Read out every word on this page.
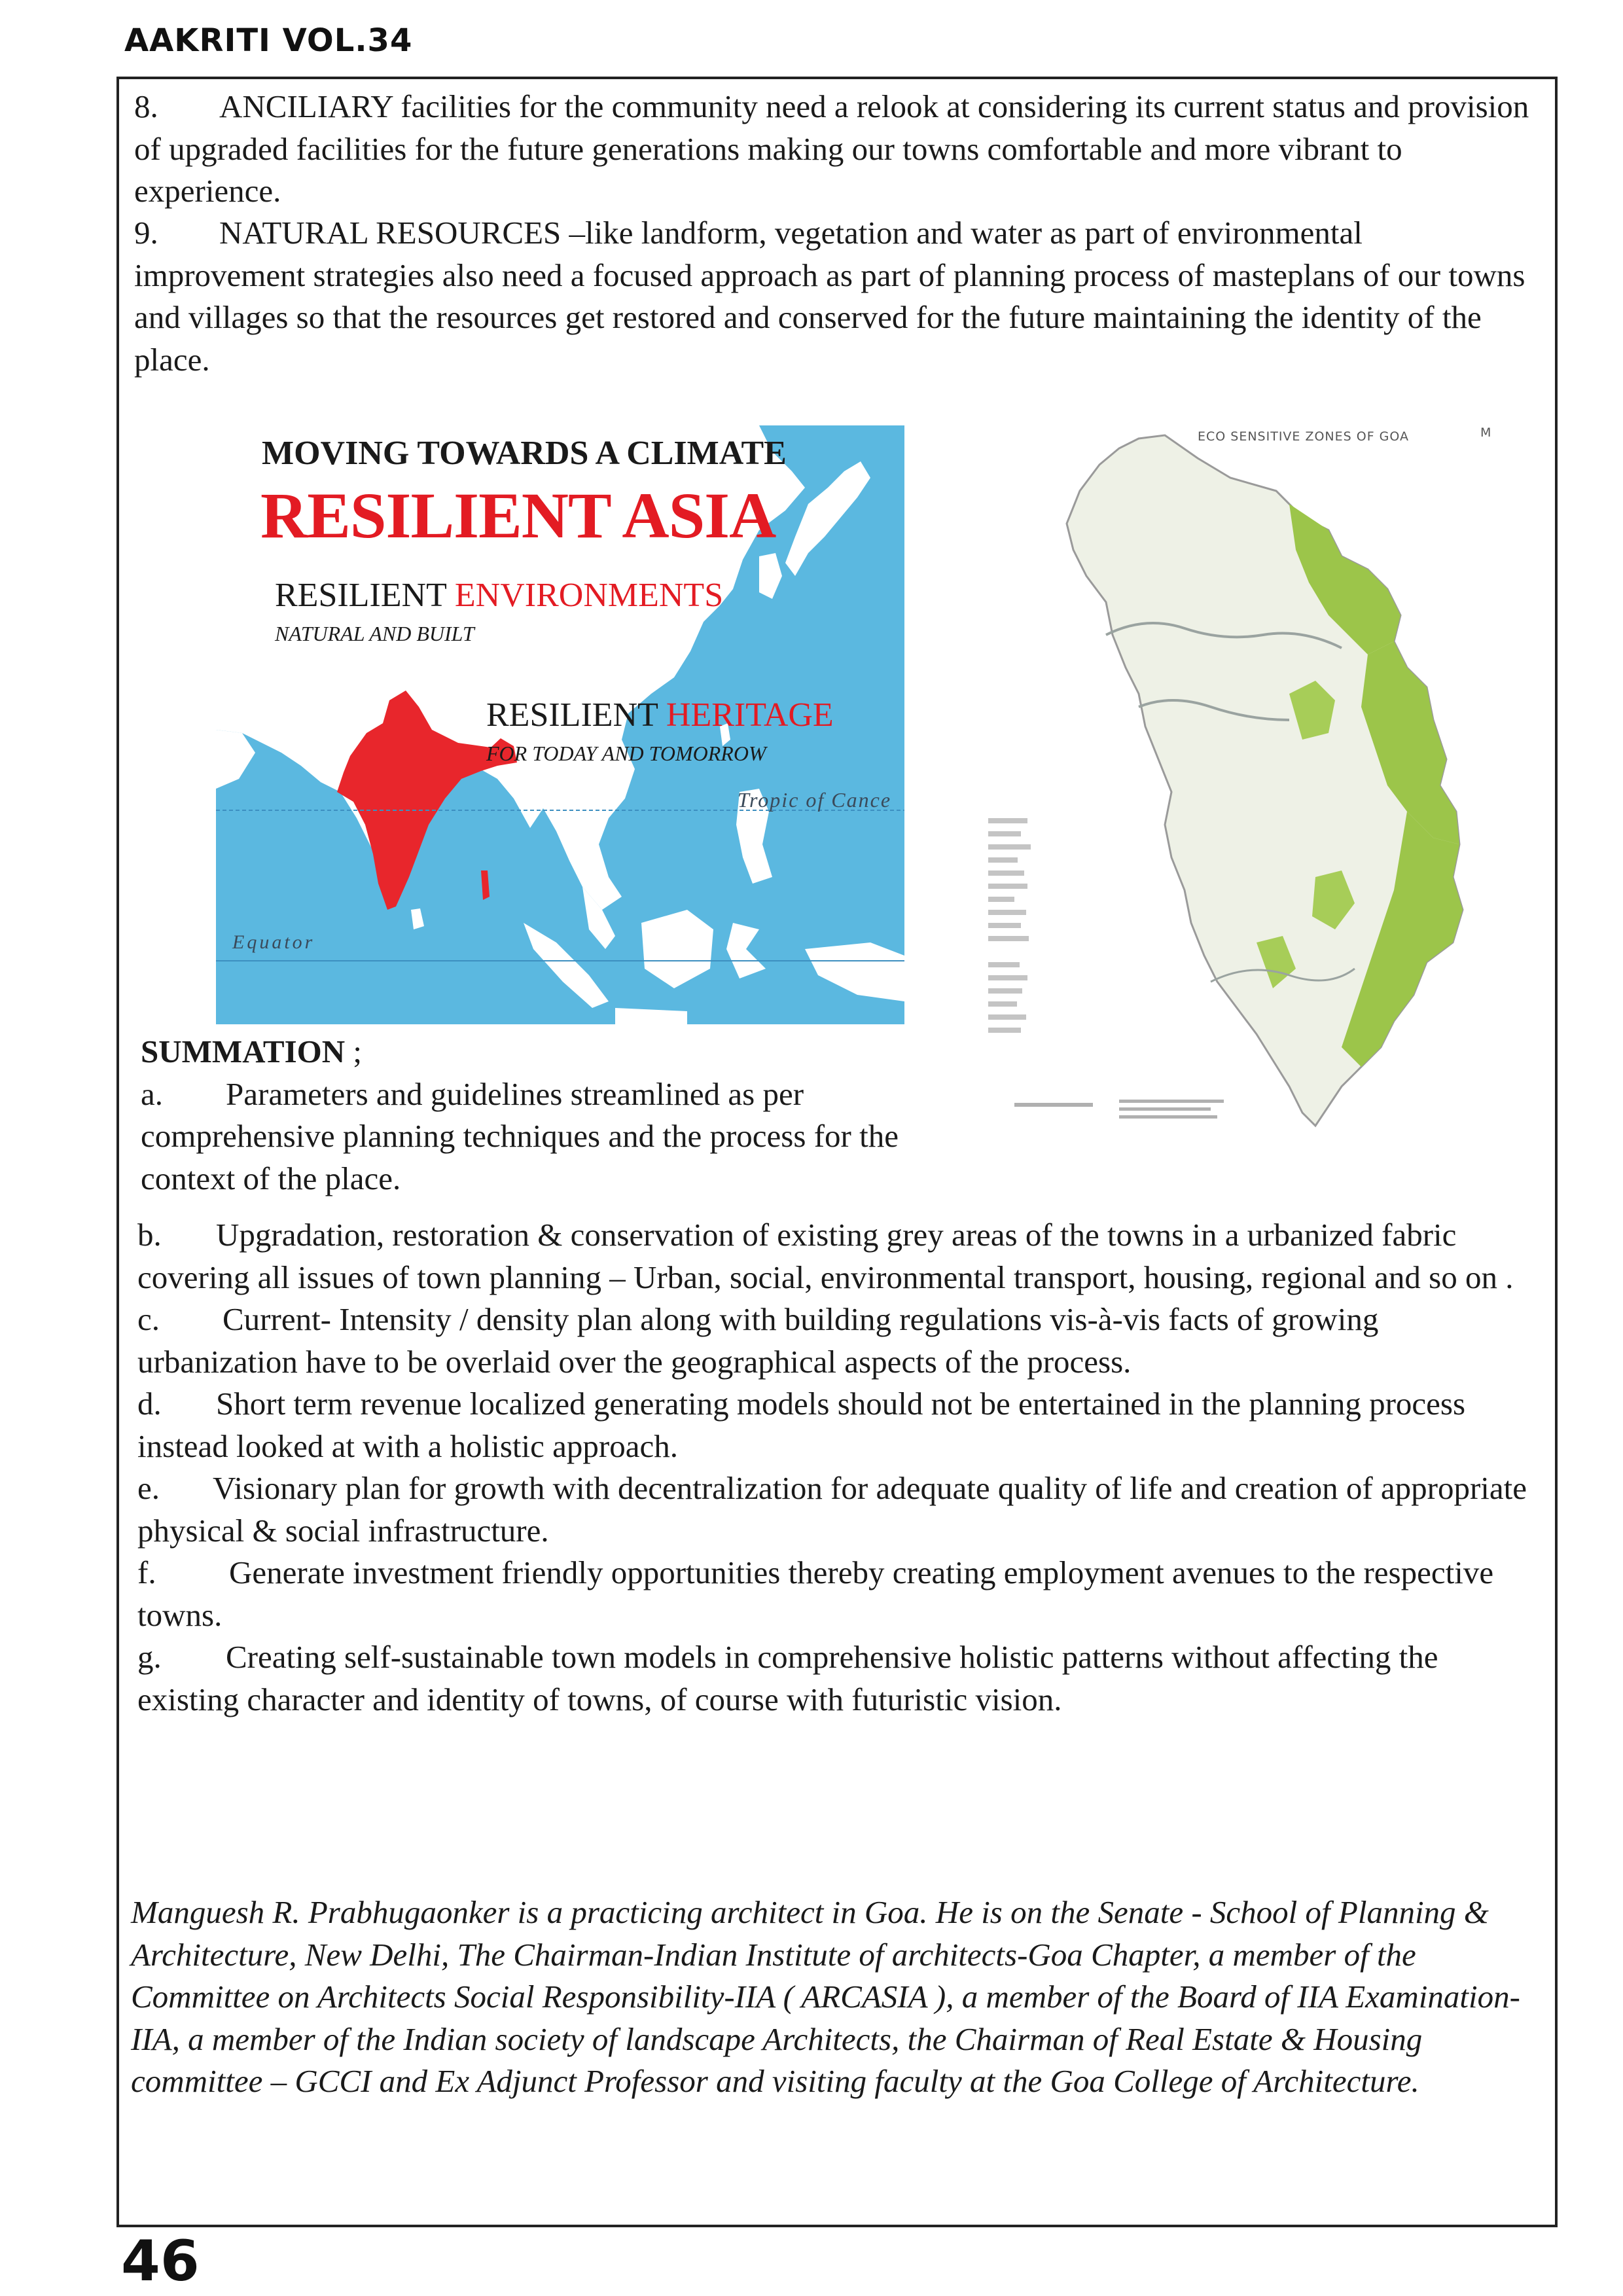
AAKRITI VOL.34

8. ANCILIARY facilities for the community need a relook at considering its current status and provision of upgraded facilities for the future generations making our towns comfortable and more vibrant to experience.

9. NATURAL RESOURCES –like landform, vegetation and water as part of environmental improvement strategies also need a focused approach as part of planning process of masteplans of our towns and villages so that the resources get restored and conserved for the future maintaining the identity of the place.

MOVING TOWARDS A CLIMATE
RESILIENT ASIA
RESILIENT ENVIRONMENTS
NATURAL AND BUILT
RESILIENT HERITAGE
FOR TODAY AND TOMORROW
Tropic of Cance
Equator
ECO SENSITIVE ZONES OF GOA	M
SUMMATION ;
a. Parameters and guidelines streamlined as per comprehensive planning techniques and the process for the context of the place.
b. Upgradation, restoration & conservation of existing grey areas of the towns in a urbanized fabric covering all issues of town planning – Urban, social, environmental transport, housing, regional and so on .
c. Current- Intensity / density plan along with building regulations vis-à-vis facts of growing urbanization have to be overlaid over the geographical aspects of the process.
d. Short term revenue localized generating models should not be entertained in the planning process instead looked at with a holistic approach.
e. Visionary plan for growth with decentralization for adequate quality of life and creation of appropriate physical & social infrastructure.
f. Generate investment friendly opportunities thereby creating employment avenues to the respective towns.
g. Creating self-sustainable town models in comprehensive holistic patterns without affecting the existing character and identity of towns, of course with futuristic vision.

Manguesh R. Prabhugaonker is a practicing architect in Goa. He is on the Senate - School of Planning & Architecture, New Delhi, The Chairman-Indian Institute of architects-Goa Chapter, a member of the Committee on Architects Social Responsibility-IIA ( ARCASIA ), a member of the Board of IIA Examination-IIA, a member of the Indian society of landscape Architects, the Chairman of Real Estate & Housing committee – GCCI and Ex Adjunct Professor and visiting faculty at the Goa College of Architecture.

46
